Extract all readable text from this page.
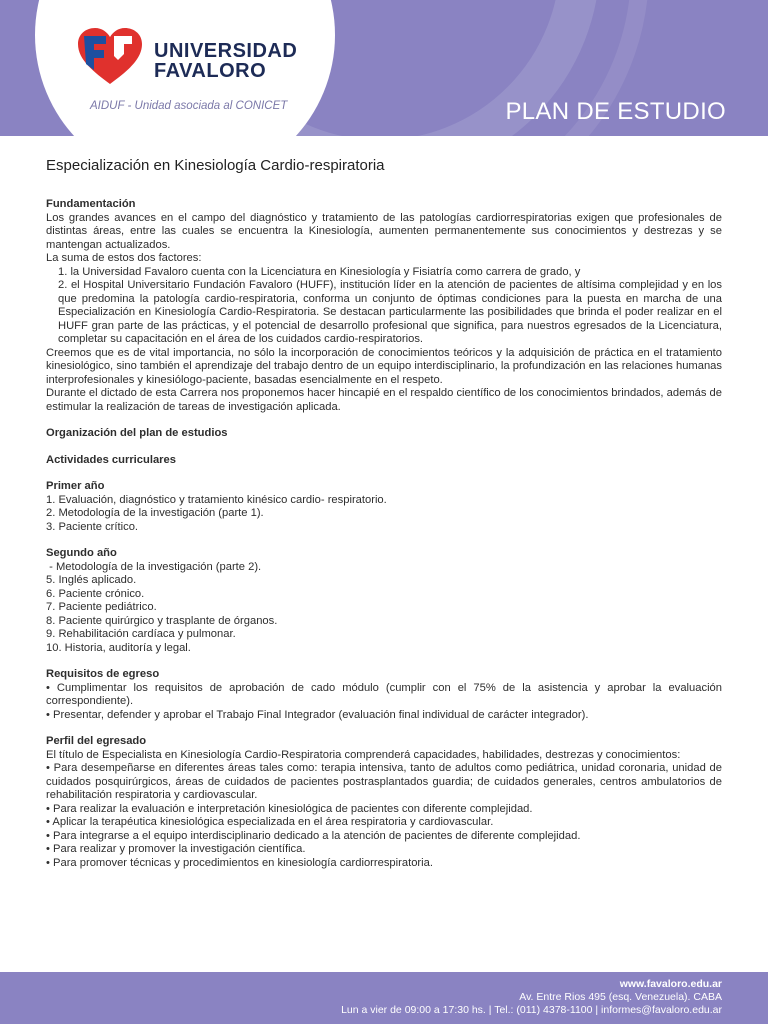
UNIVERSIDAD
FAVALORO
AIDUF - Unidad asociada al CONICET	PLAN DE ESTUDIO

Especialización en Kinesiología Cardio-respiratoria

Fundamentación

Los grandes avances en el campo del diagnóstico y tratamiento de las patologías cardiorrespiratorias exigen que profesionales de distintas áreas, entre las cuales se encuentra la Kinesiología, aumenten permanentemente sus conocimientos y destrezas y se mantengan actualizados.

La suma de estos dos factores:

1. la Universidad Favaloro cuenta con la Licenciatura en Kinesiología y Fisiatría como carrera de grado, y

2. el Hospital Universitario Fundación Favaloro (HUFF), institución líder en la atención de pacientes de altísima complejidad y en los que predomina la patología cardio-respiratoria, conforma un conjunto de óptimas condiciones para la puesta en marcha de una Especialización en Kinesiología Cardio-Respiratoria. Se destacan particularmente las posibilidades que brinda el poder realizar en el HUFF gran parte de las prácticas, y el potencial de desarrollo profesional que significa, para nuestros egresados de la Licenciatura, completar su capacitación en el área de los cuidados cardio-respiratorios.

Creemos que es de vital importancia, no sólo la incorporación de conocimientos teóricos y la adquisición de práctica en el tratamiento kinesiológico, sino también el aprendizaje del trabajo dentro de un equipo interdisciplinario, la profundización en las relaciones humanas interprofesionales y kinesiólogo-paciente, basadas esencialmente en el respeto.

Durante el dictado de esta Carrera nos proponemos hacer hincapié en el respaldo científico de los conocimientos brindados, además de estimular la realización de tareas de investigación aplicada.

Organización del plan de estudios

Actividades curriculares

Primer año

1. Evaluación, diagnóstico y tratamiento kinésico cardio- respiratorio.

2. Metodología de la investigación (parte 1).

3. Paciente crítico.

Segundo año

- Metodología de la investigación (parte 2).

5. Inglés aplicado.

6. Paciente crónico.

7. Paciente pediátrico.

8. Paciente quirúrgico y trasplante de órganos.

9. Rehabilitación cardíaca y pulmonar.

10. Historia, auditoría y legal.

Requisitos de egreso

• Cumplimentar los requisitos de aprobación de cado módulo (cumplir con el 75% de la asistencia y aprobar la evaluación correspondiente).

• Presentar, defender y aprobar el Trabajo Final Integrador (evaluación final individual de carácter integrador).

Perfil del egresado

El título de Especialista en Kinesiología Cardio-Respiratoria comprenderá capacidades, habilidades, destrezas y conocimientos:

• Para desempeñarse en diferentes áreas tales como: terapia intensiva, tanto de adultos como pediátrica, unidad coronaria, unidad de cuidados posquirúrgicos, áreas de cuidados de pacientes postrasplantados guardia; de cuidados generales, centros ambulatorios de rehabilitación respiratoria y cardiovascular.

• Para realizar la evaluación e interpretación kinesiológica de pacientes con diferente complejidad.

• Aplicar la terapéutica kinesiológica especializada en el área respiratoria y cardiovascular.

• Para integrarse a el equipo interdisciplinario dedicado a la atención de pacientes de diferente complejidad.

• Para realizar y promover la investigación científica.

• Para promover técnicas y procedimientos en kinesiología cardiorrespiratoria.

www.favaloro.edu.ar
Av. Entre Rios 495 (esq. Venezuela). CABA
Lun a vier de 09:00 a 17:30 hs. | Tel.: (011) 4378-1100 | informes@favaloro.edu.ar
